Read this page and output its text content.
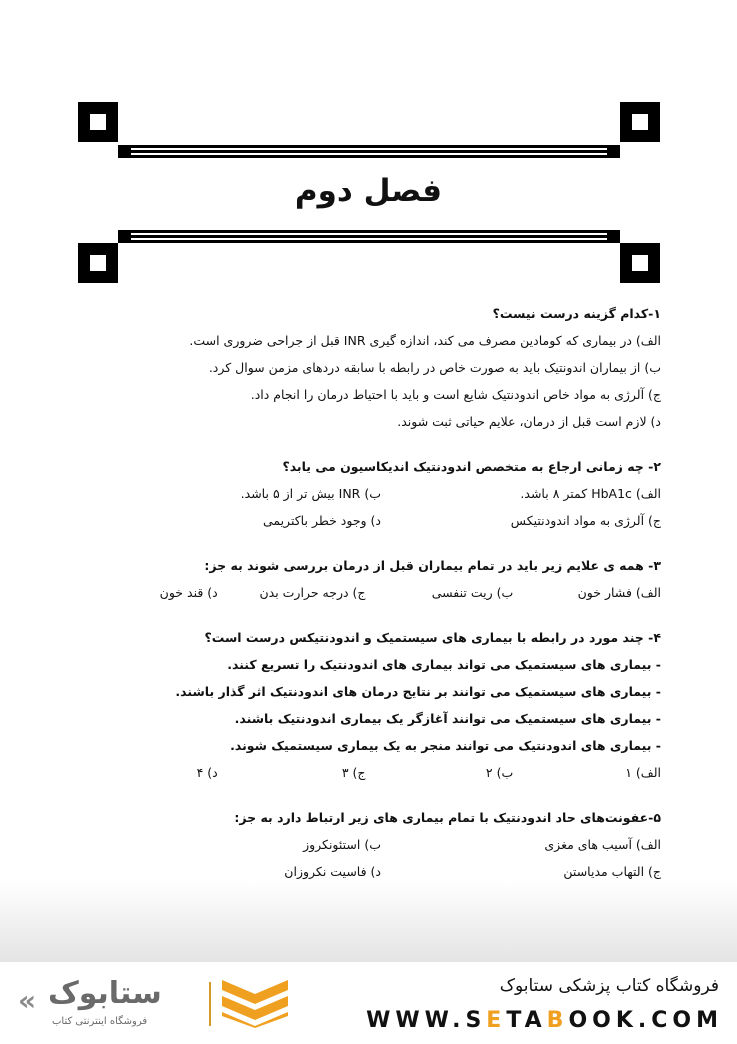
فصل دوم
۱-کدام گزینه درست نیست؟
الف) در بیماری که کومادین مصرف می کند، اندازه گیری INR قبل از جراحی ضروری است.
ب) از بیماران اندونتیک باید به صورت خاص در رابطه با سابقه دردهای مزمن سوال کرد.
ج) آلرژی به مواد خاص اندودنتیک شایع است و باید با احتیاط درمان را انجام داد.
د) لازم است قبل از درمان، علایم حیاتی ثبت شوند.
۲- چه زمانی ارجاع به متخصص اندودنتیک اندیکاسیون می یابد؟
الف) HbA1c کمتر ۸ باشد.
ب) INR بیش تر از ۵ باشد.
ج) آلرژی به مواد اندودنتیکس
د) وجود خطر باکتریمی
۳- همه ی علایم زیر باید در تمام بیماران قبل از درمان بررسی شوند به جز:
الف) فشار خون
ب) ریت تنفسی
ج) درجه حرارت بدن
د) قند خون
۴- چند مورد در رابطه با بیماری های سیستمیک و اندودنتیکس درست است؟
- بیماری های سیستمیک می تواند بیماری های اندودنتیک را تسریع کنند.
- بیماری های سیستمیک می توانند بر نتایج درمان های اندودنتیک اثر گذار باشند.
- بیماری های سیستمیک می توانند آغازگر یک بیماری اندودنتیک باشند.
- بیماری های اندودنتیک می توانند منجر به یک بیماری سیستمیک شوند.
الف) ۱
ب) ۲
ج) ۳
د) ۴
۵-عفونت‌های حاد اندودنتیک با تمام بیماری های زیر ارتباط دارد به جز:
الف) آسیب های مغزی
ب) استئونکروز
ج) التهاب مدیاستن
د) فاسیت نکروزان
« ستابوک
فروشگاه اینترنتی کتاب
فروشگاه کتاب پزشکی ستابوک
WWW.SETABOOK.COM
